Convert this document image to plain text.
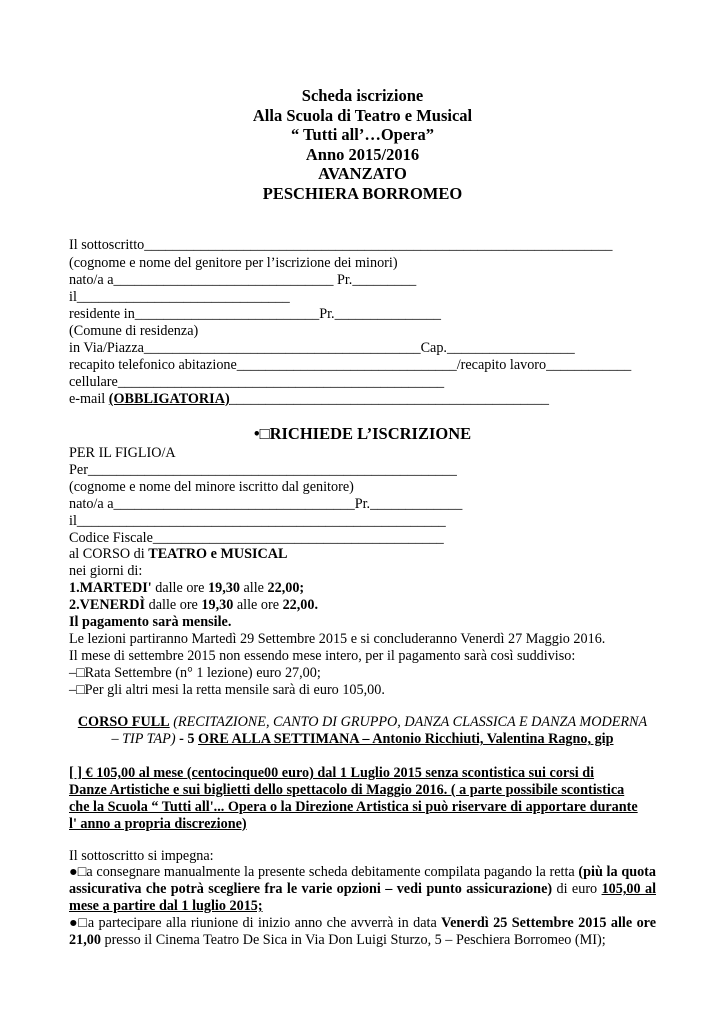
Scheda iscrizione
Alla Scuola di Teatro e Musical
“ Tutti all’…Opera”
Anno 2015/2016
AVANZATO
PESCHIERA BORROMEO
Il sottoscritto__________________________________________________________________
(cognome e nome del genitore per l’iscrizione dei minori)
nato/a a_______________________________ Pr._________
il______________________________
residente in__________________________Pr._______________
(Comune di residenza)
in Via/Piazza_______________________________________Cap.__________________
recapito telefonico abitazione_______________________________/recapito lavoro____________
cellulare______________________________________________
e-mail (OBBLIGATORIA)_____________________________________________
•□RICHIEDE L’ISCRIZIONE
PER IL FIGLIO/A
Per____________________________________________________
(cognome e nome del minore iscritto dal genitore)
nato/a a__________________________________Pr._____________
il____________________________________________________
Codice Fiscale_________________________________________
al CORSO di TEATRO e MUSICAL
nei giorni di:
1.MARTEDI' dalle ore 19,30 alle 22,00;
2.VENERDÌ dalle ore 19,30 alle ore 22,00.
Il pagamento sarà mensile.
Le lezioni partiranno Martedì 29 Settembre 2015 e si concluderanno Venerdì 27 Maggio 2016.
Il mese di settembre 2015 non essendo mese intero, per il pagamento sarà così suddiviso:
–□Rata Settembre (n° 1 lezione) euro 27,00;
–□Per gli altri mesi la retta mensile sarà di euro 105,00.
CORSO FULL (RECITAZIONE, CANTO DI GRUPPO, DANZA CLASSICA E DANZA MODERNA
– TIP TAP) - 5 ORE ALLA SETTIMANA – Antonio Ricchiuti, Valentina Ragno, gip
[ ] € 105,00 al mese (centocinque00 euro) dal 1 Luglio 2015 senza scontistica sui corsi di
Danze Artistiche e sui biglietti dello spettacolo di Maggio 2016. ( a parte possibile scontistica
che la Scuola “ Tutti all'... Opera o la Direzione Artistica si può riservare di apportare durante
l' anno a propria discrezione)
Il sottoscritto si impegna:
●□a consegnare manualmente la presente scheda debitamente compilata pagando la retta (più la quota assicurativa che potrà scegliere fra le varie opzioni – vedi punto assicurazione) di euro 105,00 al mese a partire dal 1 luglio 2015;
●□a partecipare alla riunione di inizio anno che avverrà in data Venerdì 25 Settembre 2015 alle ore 21,00 presso il Cinema Teatro De Sica in Via Don Luigi Sturzo, 5 – Peschiera Borromeo (MI);
